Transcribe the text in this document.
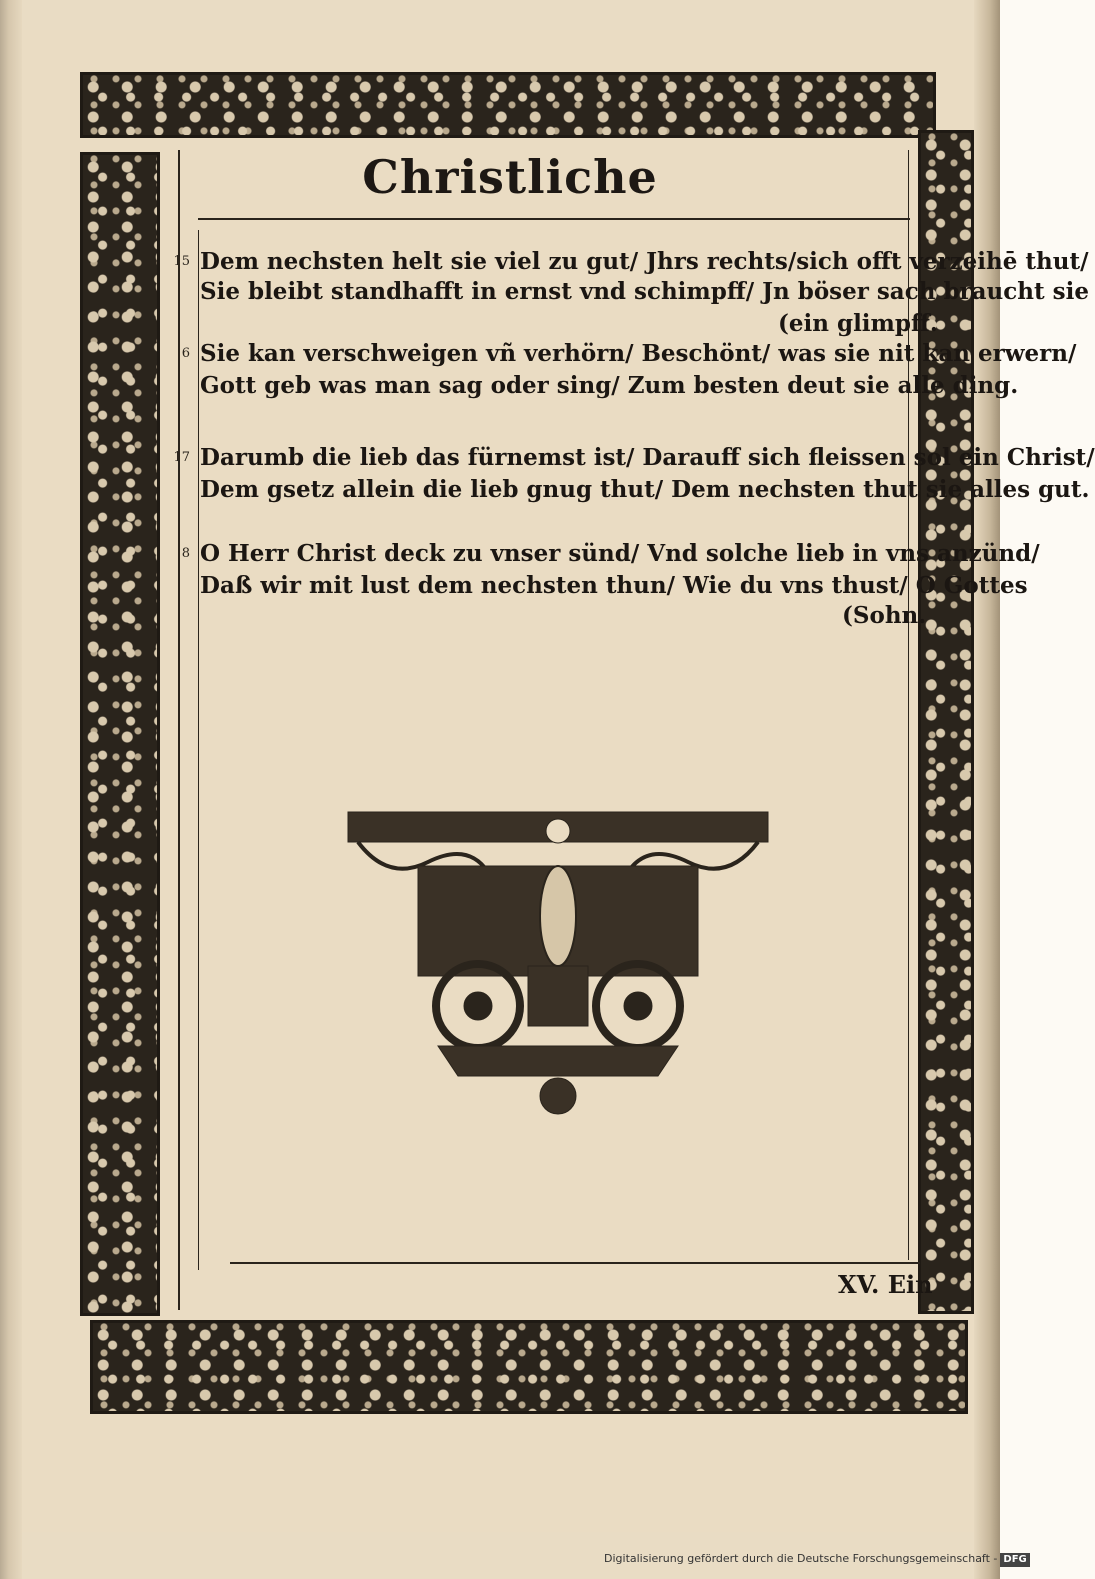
Christliche
15 Dem nechsten helt sie viel zu gut/ Jhrs rechts/sich offt verzeihē thut/
Sie bleibt standhafft in ernst vnd schimpff/ Jn böser sach braucht sie
(ein glimpff.
6 Sie kan verschweigen vñ verhörn/ Beschönt/ was sie nit kan erwern/
Gott geb was man sag oder sing/ Zum besten deut sie alle ding.
17 Darumb die lieb das fürnemst ist/ Darauff sich fleissen sol ein Christ/
Dem gsetz allein die lieb gnug thut/ Dem nechsten thut sie alles gut.
8 O Herr Christ deck zu vnser sünd/ Vnd solche lieb in vns anzünd/
Daß wir mit lust dem nechsten thun/ Wie du vns thust/ O Gottes
(Sohn.
XV. Ein
Digitalisierung gefördert durch die Deutsche Forschungsgemeinschaft - DFG
